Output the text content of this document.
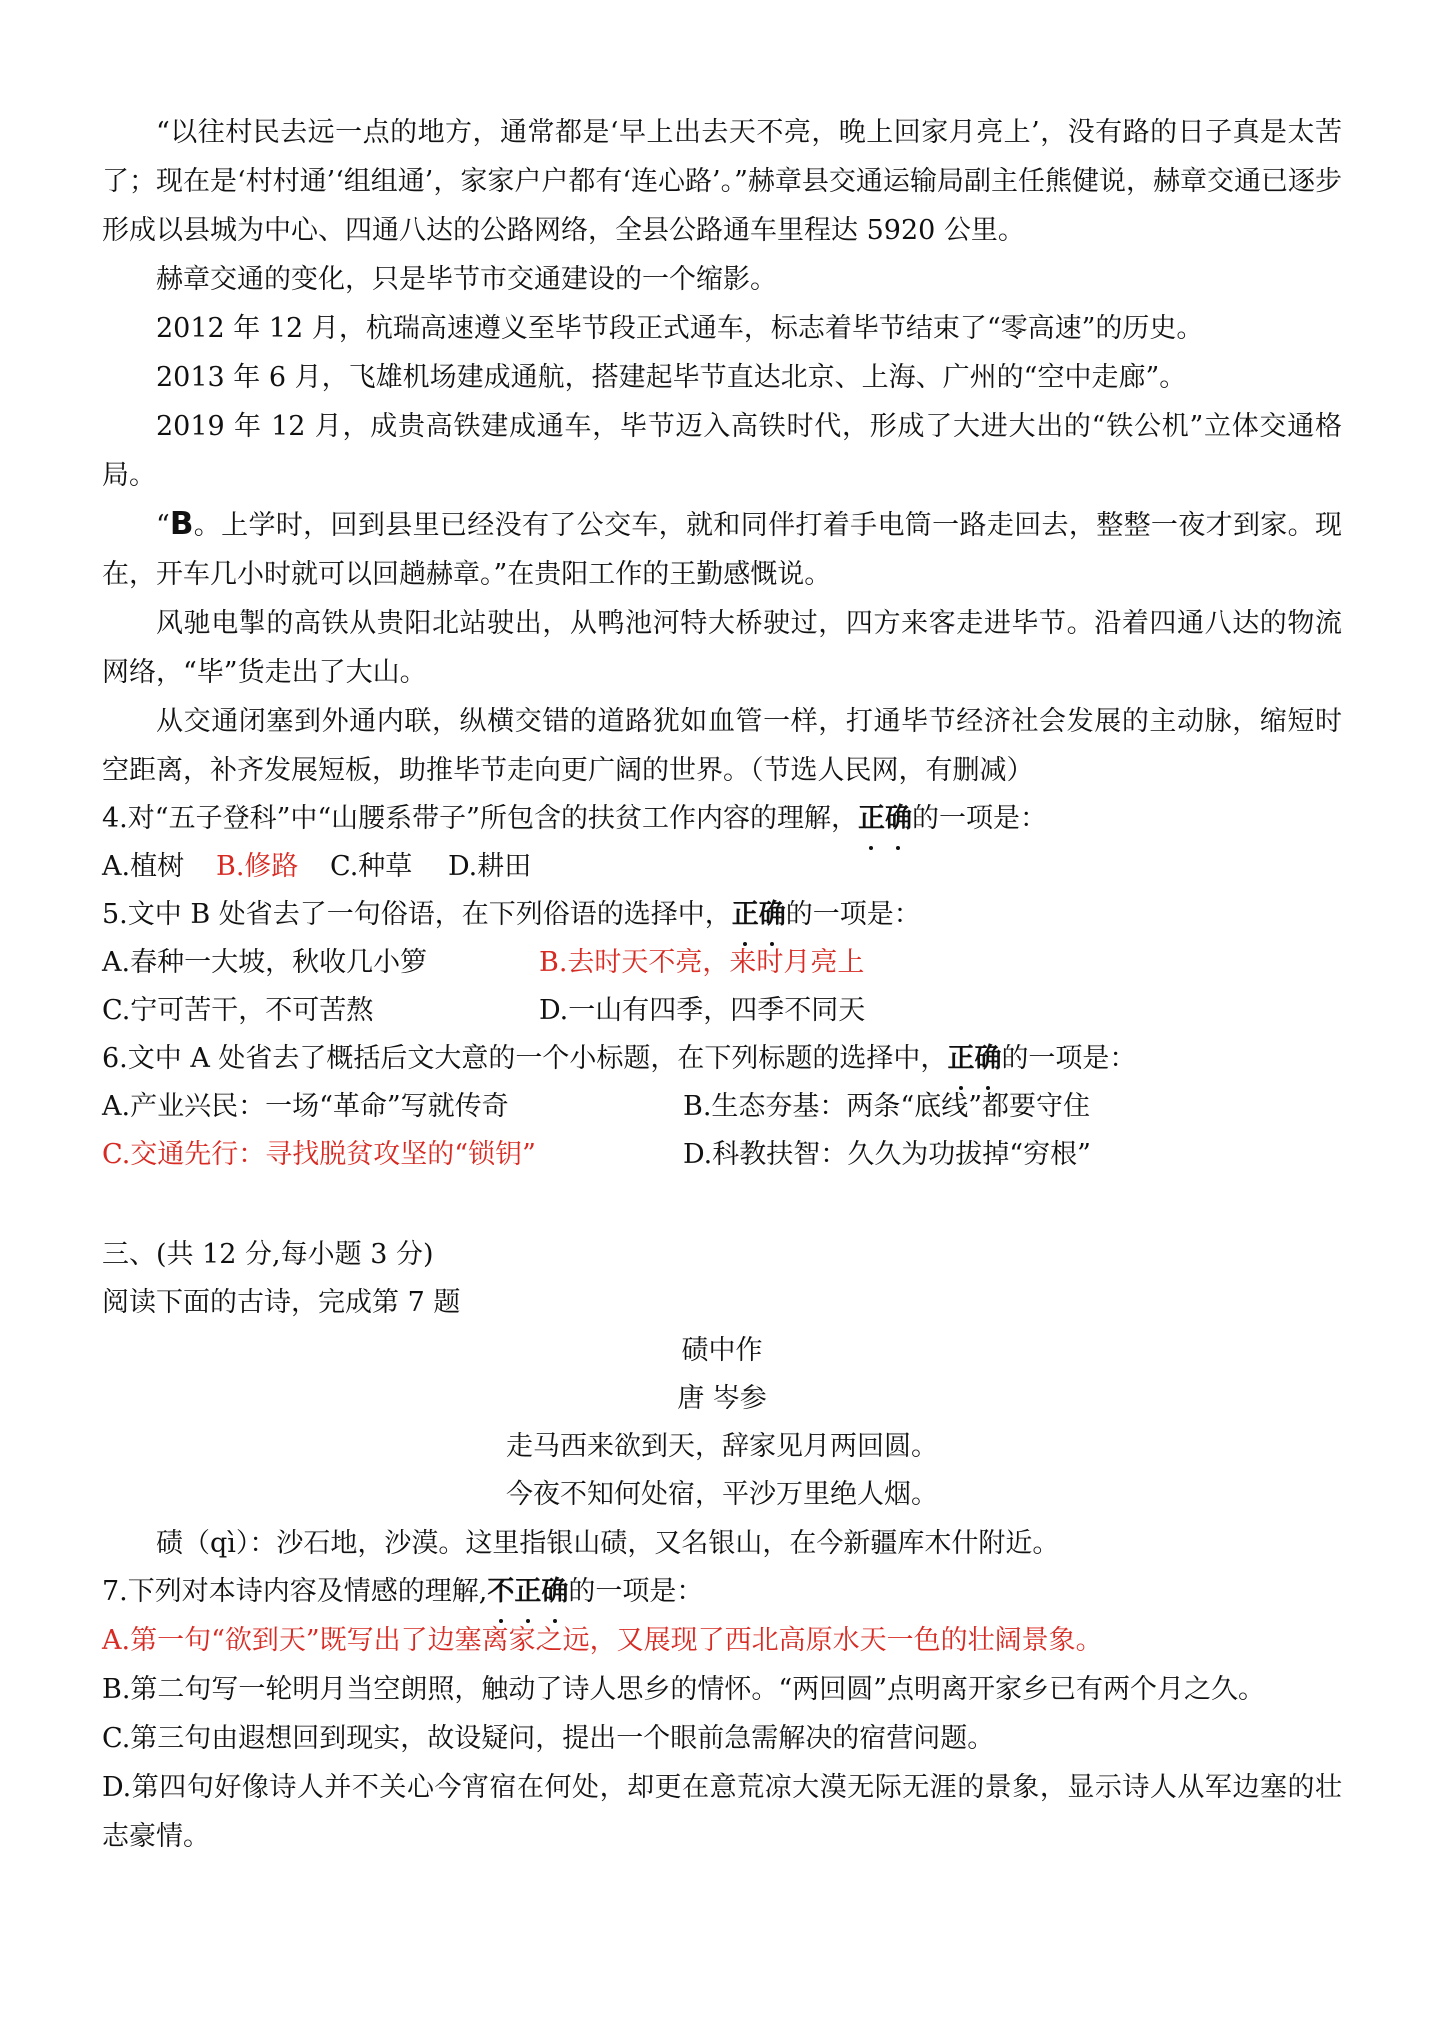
“以往村民去远一点的地方，通常都是‘早上出去天不亮，晚上回家月亮上’，没有路的日子真是太苦了；现在是‘村村通’‘组组通’，家家户户都有‘连心路’。”赫章县交通运输局副主任熊健说，赫章交通已逐步形成以县城为中心、四通八达的公路网络，全县公路通车里程达 5920 公里。

赫章交通的变化，只是毕节市交通建设的一个缩影。

2012 年 12 月，杭瑞高速遵义至毕节段正式通车，标志着毕节结束了“零高速”的历史。

2013 年 6 月，飞雄机场建成通航，搭建起毕节直达北京、上海、广州的“空中走廊”。

2019 年 12 月，成贵高铁建成通车，毕节迈入高铁时代，形成了大进大出的“铁公机”立体交通格局。

“B。上学时，回到县里已经没有了公交车，就和同伴打着手电筒一路走回去，整整一夜才到家。现在，开车几小时就可以回趟赫章。”在贵阳工作的王勤感慨说。

风驰电掣的高铁从贵阳北站驶出，从鸭池河特大桥驶过，四方来客走进毕节。沿着四通八达的物流网络，“毕”货走出了大山。

从交通闭塞到外通内联，纵横交错的道路犹如血管一样，打通毕节经济社会发展的主动脉，缩短时空距离，补齐发展短板，助推毕节走向更广阔的世界。（节选人民网，有删减）

4.对“五子登科”中“山腰系带子”所包含的扶贫工作内容的理解，正确的一项是：
A.植树 B.修路 C.种草 D.耕田
5.文中 B 处省去了一句俗语，在下列俗语的选择中，正确的一项是：
A.春种一大坡，秋收几小箩	B.去时天不亮，来时月亮上
C.宁可苦干，不可苦熬	D.一山有四季，四季不同天
6.文中 A 处省去了概括后文大意的一个小标题，在下列标题的选择中，正确的一项是：
A.产业兴民：一场“革命”写就传奇	B.生态夯基：两条“底线”都要守住
C.交通先行：寻找脱贫攻坚的“锁钥”	D.科教扶智：久久为功拔掉“穷根”
三、(共 12 分,每小题 3 分)
阅读下面的古诗，完成第 7 题
碛中作
唐 岑参
走马西来欲到天，辞家见月两回圆。
今夜不知何处宿，平沙万里绝人烟。

碛（qì）：沙石地，沙漠。这里指银山碛，又名银山，在今新疆库木什附近。

7.下列对本诗内容及情感的理解,不正确的一项是：

A.第一句“欲到天”既写出了边塞离家之远，又展现了西北高原水天一色的壮阔景象。

B.第二句写一轮明月当空朗照，触动了诗人思乡的情怀。“两回圆”点明离开家乡已有两个月之久。

C.第三句由遐想回到现实，故设疑问，提出一个眼前急需解决的宿营问题。

D.第四句好像诗人并不关心今宵宿在何处，却更在意荒凉大漠无际无涯的景象，显示诗人从军边塞的壮志豪情。
